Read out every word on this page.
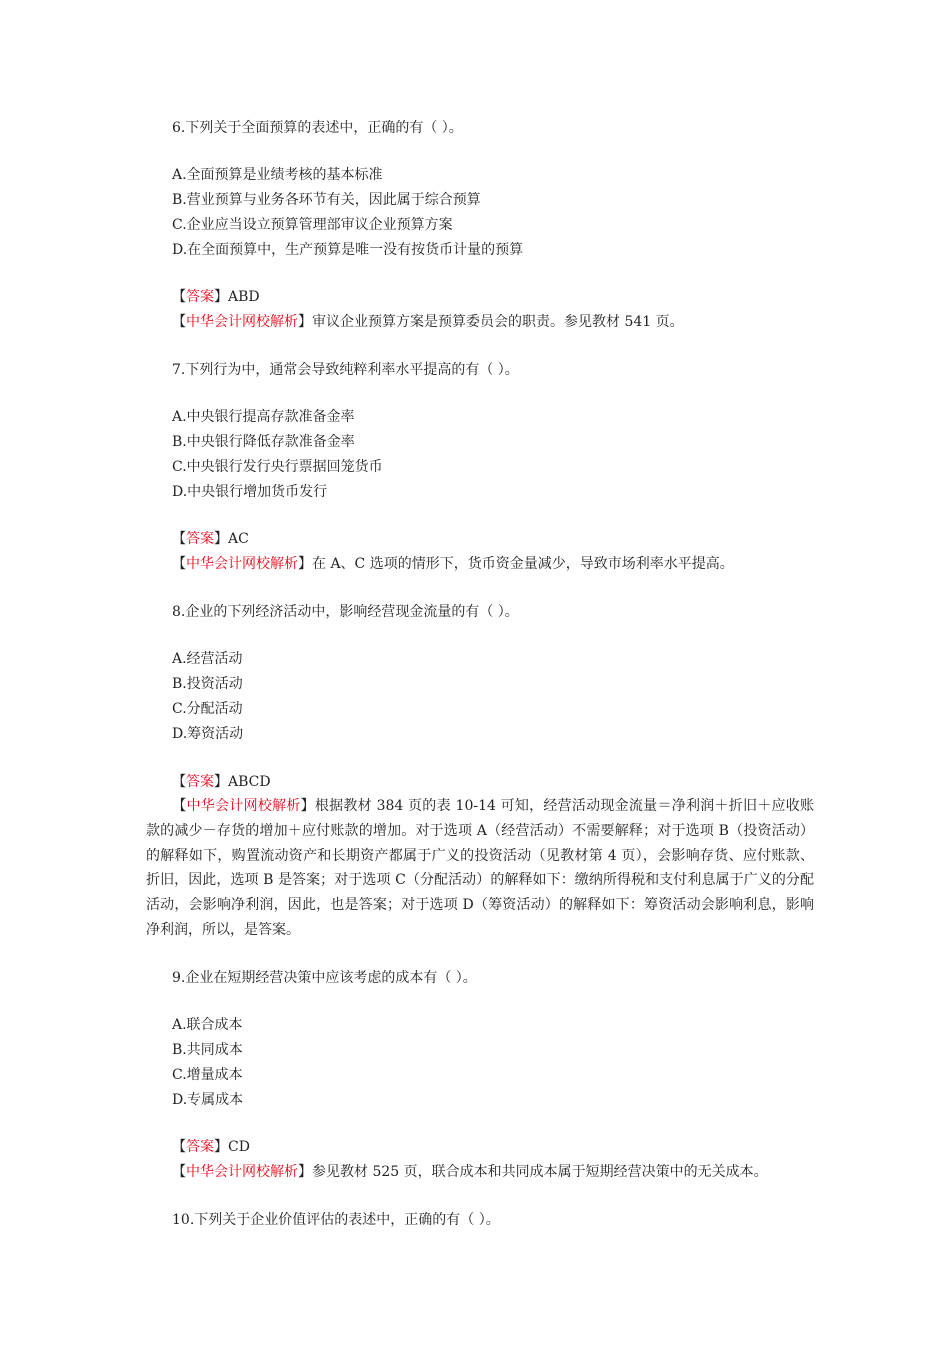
6.下列关于全面预算的表述中，正确的有（ ）。
A.全面预算是业绩考核的基本标准
B.营业预算与业务各环节有关，因此属于综合预算
C.企业应当设立预算管理部审议企业预算方案
D.在全面预算中，生产预算是唯一没有按货币计量的预算
【答案】ABD
【中华会计网校解析】审议企业预算方案是预算委员会的职责。参见教材 541 页。
7.下列行为中，通常会导致纯粹利率水平提高的有（ ）。
A.中央银行提高存款准备金率
B.中央银行降低存款准备金率
C.中央银行发行央行票据回笼货币
D.中央银行增加货币发行
【答案】AC
【中华会计网校解析】在 A、C 选项的情形下，货币资金量减少，导致市场利率水平提高。
8.企业的下列经济活动中，影响经营现金流量的有（ ）。
A.经营活动
B.投资活动
C.分配活动
D.筹资活动
【答案】ABCD
【中华会计网校解析】根据教材 384 页的表 10-14 可知，经营活动现金流量＝净利润＋折旧＋应收账款的减少－存货的增加＋应付账款的增加。对于选项 A（经营活动）不需要解释；对于选项 B（投资活动）的解释如下，购置流动资产和长期资产都属于广义的投资活动（见教材第 4 页），会影响存货、应付账款、折旧，因此，选项 B 是答案；对于选项 C（分配活动）的解释如下：缴纳所得税和支付利息属于广义的分配活动，会影响净利润，因此，也是答案；对于选项 D（筹资活动）的解释如下：筹资活动会影响利息，影响净利润，所以，是答案。
9.企业在短期经营决策中应该考虑的成本有（ ）。
A.联合成本
B.共同成本
C.增量成本
D.专属成本
【答案】CD
【中华会计网校解析】参见教材 525 页，联合成本和共同成本属于短期经营决策中的无关成本。
10.下列关于企业价值评估的表述中，正确的有（ ）。
